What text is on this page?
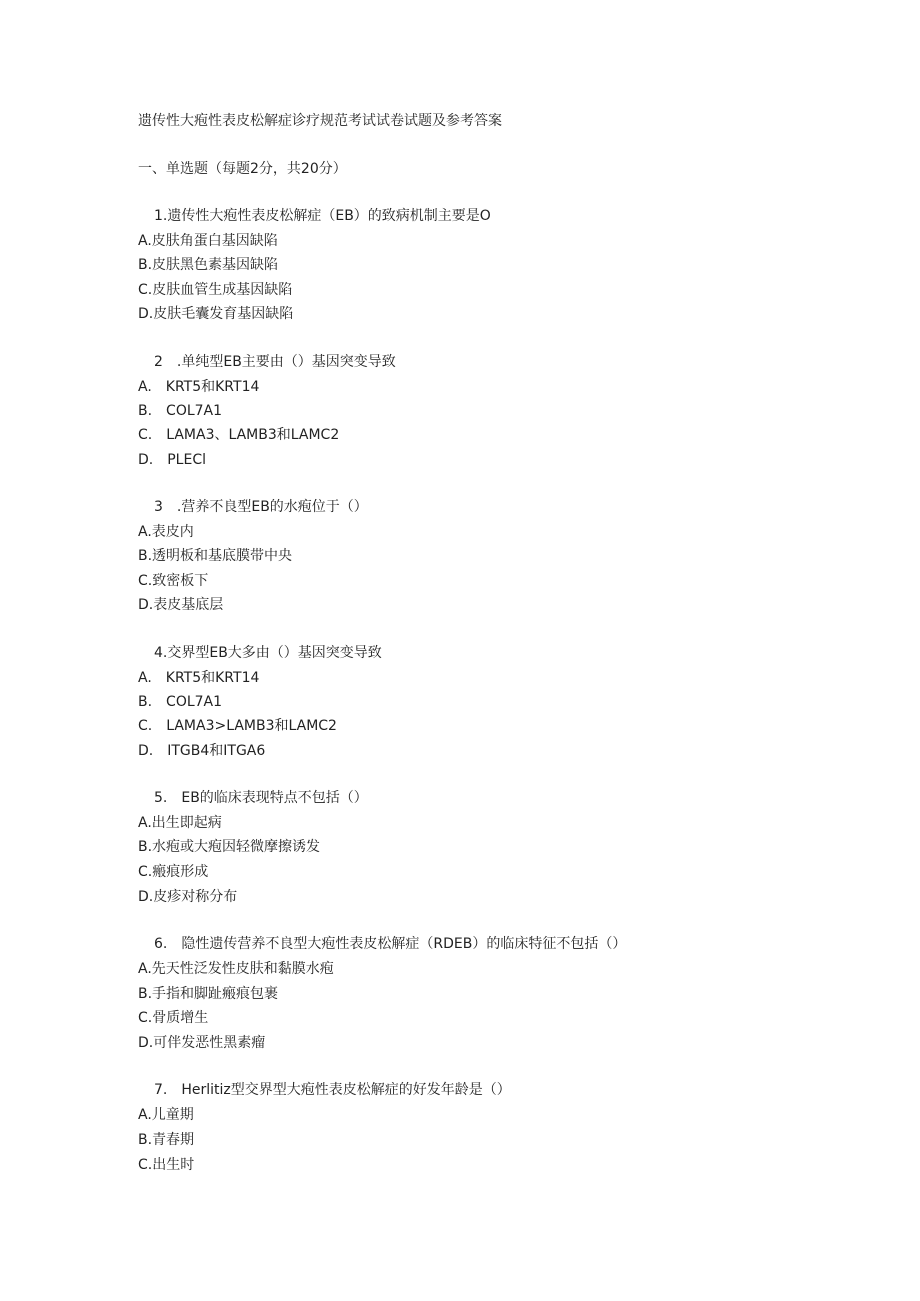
遗传性大疱性表皮松解症诊疗规范考试试卷试题及参考答案
一、单选题（每题2分，共20分）
1.遗传性大疱性表皮松解症（EB）的致病机制主要是O
A.皮肤角蛋白基因缺陷
B.皮肤黑色素基因缺陷
C.皮肤血管生成基因缺陷
D.皮肤毛囊发育基因缺陷
2　.单纯型EB主要由（）基因突变导致
A.　KRT5和KRT14
B.　COL7A1
C.　LAMA3、LAMB3和LAMC2
D.　PLECl
3　.营养不良型EB的水疱位于（）
A.表皮内
B.透明板和基底膜带中央
C.致密板下
D.表皮基底层
4.交界型EB大多由（）基因突变导致
A.　KRT5和KRT14
B.　COL7A1
C.　LAMA3>LAMB3和LAMC2
D.　ITGB4和ITGA6
5.　EB的临床表现特点不包括（）
A.出生即起病
B.水疱或大疱因轻微摩擦诱发
C.瘢痕形成
D.皮疹对称分布
6.　隐性遗传营养不良型大疱性表皮松解症（RDEB）的临床特征不包括（）
A.先天性泛发性皮肤和黏膜水疱
B.手指和脚趾瘢痕包裹
C.骨质增生
D.可伴发恶性黑素瘤
7.　Herlitiz型交界型大疱性表皮松解症的好发年龄是（）
A.儿童期
B.青春期
C.出生时
